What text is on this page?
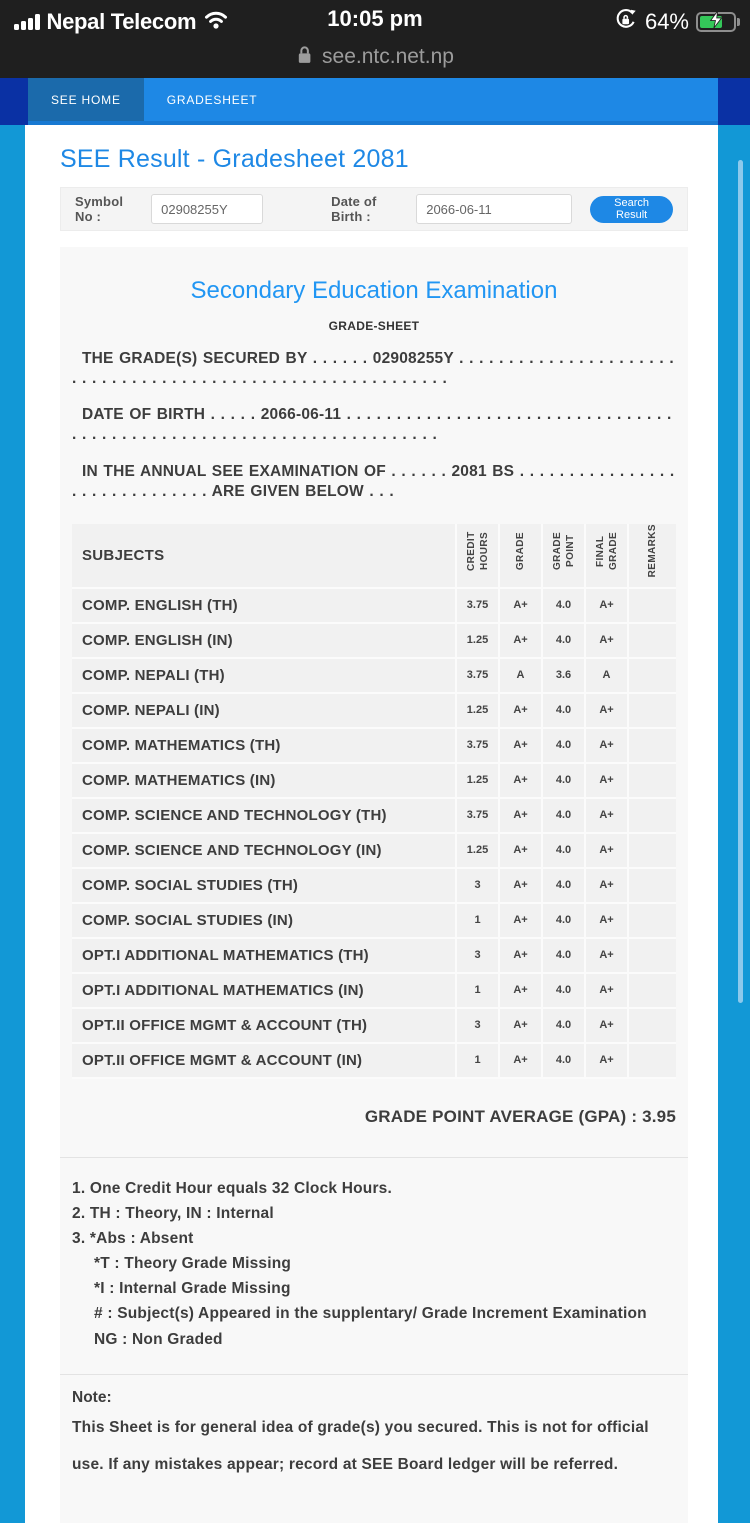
Nepal Telecom	10:05 pm	64%
see.ntc.net.np
SEE HOME	GRADESHEET
SEE Result - Gradesheet 2081
Symbol No :
02908255Y
Date of Birth :
2066-06-11
Search Result
Secondary Education Examination
GRADE-SHEET

THE GRADE(S) SECURED BY . . . . . . 02908255Y . . . . . . . . . . . . . . . . . . . . . . . . . . . . . . . . . . . . . . . . . . . . . . . . . . . . . . . . . . . .

DATE OF BIRTH . . . . . 2066-06-11 . . . . . . . . . . . . . . . . . . . . . . . . . . . . . . . . . . . . . . . . . . . . . . . . . . . . . . . . . . . . . . . . . . . . . .

IN THE ANNUAL SEE EXAMINATION OF . . . . . . 2081 BS . . . . . . . . . . . . . . . . . . . . . . . . . . . . . . ARE GIVEN BELOW . . .

SUBJECTS	CREDIT HOURS	GRADE	GRADE POINT	FINAL GRADE	REMARKS
COMP. ENGLISH (TH)	3.75	A+	4.0	A+	
COMP. ENGLISH (IN)	1.25	A+	4.0	A+	
COMP. NEPALI (TH)	3.75	A	3.6	A	
COMP. NEPALI (IN)	1.25	A+	4.0	A+	
COMP. MATHEMATICS (TH)	3.75	A+	4.0	A+	
COMP. MATHEMATICS (IN)	1.25	A+	4.0	A+	
COMP. SCIENCE AND TECHNOLOGY (TH)	3.75	A+	4.0	A+	
COMP. SCIENCE AND TECHNOLOGY (IN)	1.25	A+	4.0	A+	
COMP. SOCIAL STUDIES (TH)	3	A+	4.0	A+	
COMP. SOCIAL STUDIES (IN)	1	A+	4.0	A+	
OPT.I ADDITIONAL MATHEMATICS (TH)	3	A+	4.0	A+	
OPT.I ADDITIONAL MATHEMATICS (IN)	1	A+	4.0	A+	
OPT.II OFFICE MGMT & ACCOUNT (TH)	3	A+	4.0	A+	
OPT.II OFFICE MGMT & ACCOUNT (IN)	1	A+	4.0	A+	
GRADE POINT AVERAGE (GPA) : 3.95
1. One Credit Hour equals 32 Clock Hours.
2. TH : Theory, IN : Internal
3. *Abs : Absent
*T : Theory Grade Missing
*I : Internal Grade Missing
# : Subject(s) Appeared in the supplentary/ Grade Increment Examination
NG : Non Graded
Note:
This Sheet is for general idea of grade(s) you secured. This is not for official use. If any mistakes appear; record at SEE Board ledger will be referred.
